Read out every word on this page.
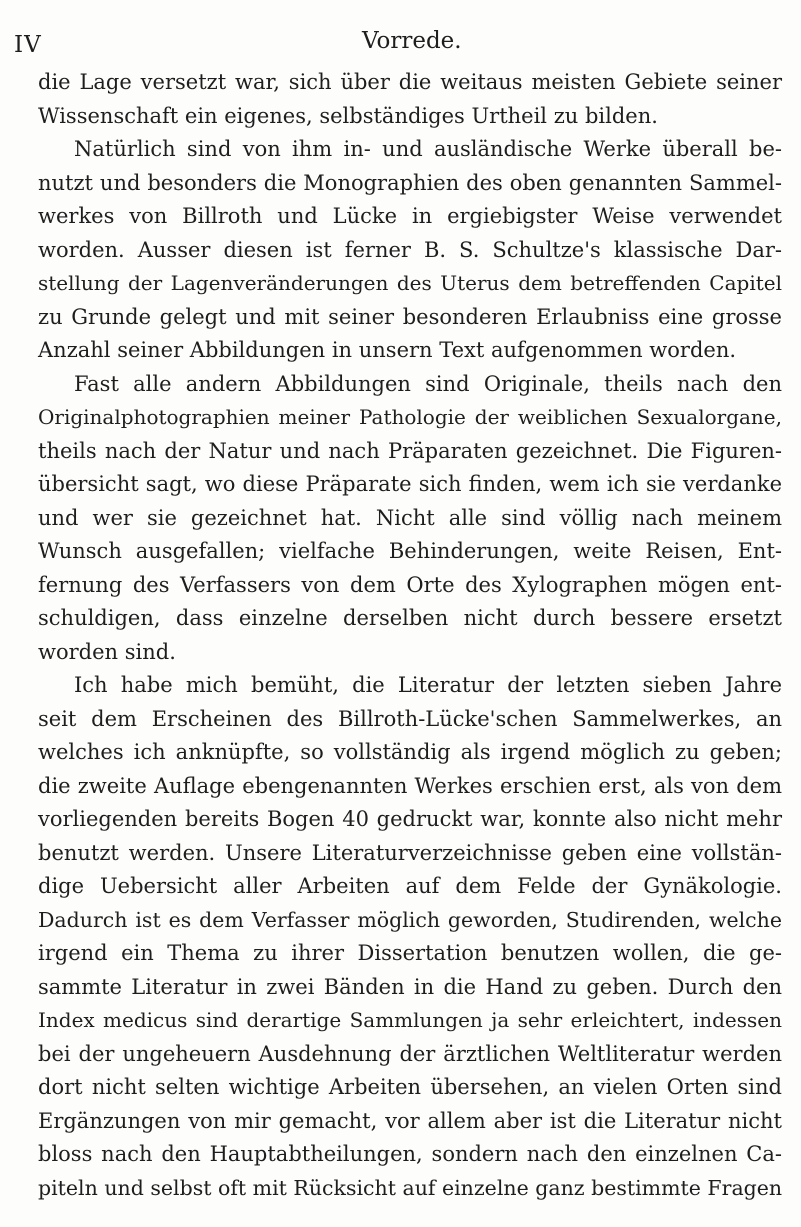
IV	Vorrede.
die Lage versetzt war, sich über die weitaus meisten Gebiete seiner
Wissenschaft ein eigenes, selbständiges Urtheil zu bilden.
Natürlich sind von ihm in- und ausländische Werke überall be-
nutzt und besonders die Monographien des oben genannten Sammel-
werkes von Billroth und Lücke in ergiebigster Weise verwendet
worden. Ausser diesen ist ferner B. S. Schultze's klassische Dar-
stellung der Lagenveränderungen des Uterus dem betreffenden Capitel
zu Grunde gelegt und mit seiner besonderen Erlaubniss eine grosse
Anzahl seiner Abbildungen in unsern Text aufgenommen worden.
Fast alle andern Abbildungen sind Originale, theils nach den
Originalphotographien meiner Pathologie der weiblichen Sexualorgane,
theils nach der Natur und nach Präparaten gezeichnet. Die Figuren-
übersicht sagt, wo diese Präparate sich finden, wem ich sie verdanke
und wer sie gezeichnet hat. Nicht alle sind völlig nach meinem
Wunsch ausgefallen; vielfache Behinderungen, weite Reisen, Ent-
fernung des Verfassers von dem Orte des Xylographen mögen ent-
schuldigen, dass einzelne derselben nicht durch bessere ersetzt
worden sind.
Ich habe mich bemüht, die Literatur der letzten sieben Jahre
seit dem Erscheinen des Billroth-Lücke'schen Sammelwerkes, an
welches ich anknüpfte, so vollständig als irgend möglich zu geben;
die zweite Auflage ebengenannten Werkes erschien erst, als von dem
vorliegenden bereits Bogen 40 gedruckt war, konnte also nicht mehr
benutzt werden. Unsere Literaturverzeichnisse geben eine vollstän-
dige Uebersicht aller Arbeiten auf dem Felde der Gynäkologie.
Dadurch ist es dem Verfasser möglich geworden, Studirenden, welche
irgend ein Thema zu ihrer Dissertation benutzen wollen, die ge-
sammte Literatur in zwei Bänden in die Hand zu geben. Durch den
Index medicus sind derartige Sammlungen ja sehr erleichtert, indessen
bei der ungeheuern Ausdehnung der ärztlichen Weltliteratur werden
dort nicht selten wichtige Arbeiten übersehen, an vielen Orten sind
Ergänzungen von mir gemacht, vor allem aber ist die Literatur nicht
bloss nach den Hauptabtheilungen, sondern nach den einzelnen Ca-
piteln und selbst oft mit Rücksicht auf einzelne ganz bestimmte Fragen
